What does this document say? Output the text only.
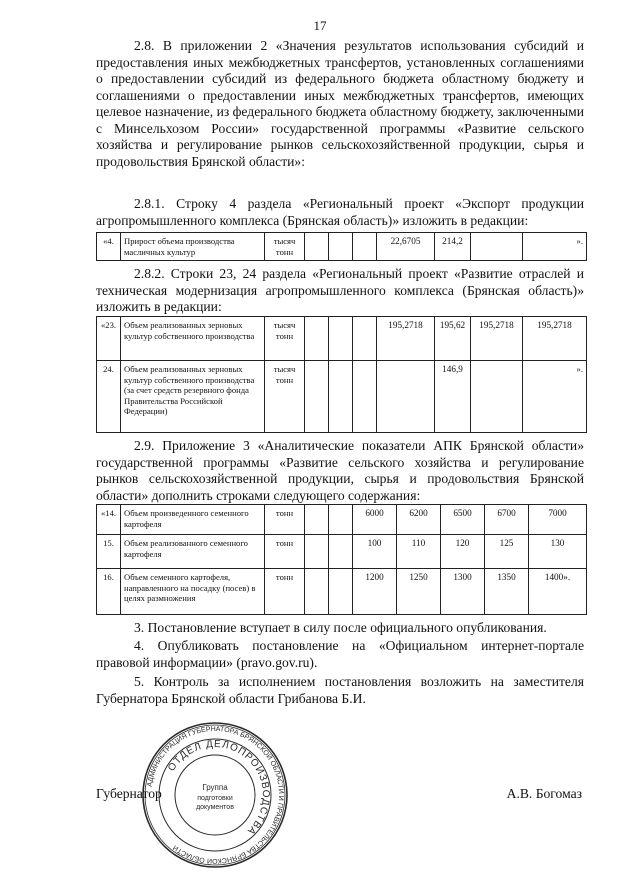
17

2.8. В приложении 2 «Значения результатов использования субсидий и предоставления иных межбюджетных трансфертов, установленных соглашениями о предоставлении субсидий из федерального бюджета областному бюджету и соглашениями о предоставлении иных межбюджетных трансфертов, имеющих целевое назначение, из федерального бюджета областному бюджету, заключенными с Минсельхозом России» государственной программы «Развитие сельского хозяйства и регулирование рынков сельскохозяйственной продукции, сырья и продовольствия Брянской области»:

2.8.1. Строку 4 раздела «Региональный проект «Экспорт продукции агропромышленного комплекса (Брянская область)» изложить в редакции:

«4.	Прирост объема производства масличных культур	тысяч тонн				22,6705	214,2		».

2.8.2. Строки 23, 24 раздела «Региональный проект «Развитие отраслей и техническая модернизация агропромышленного комплекса (Брянская область)» изложить в редакции:

«23.	Объем реализованных зерновых культур собственного производства	тысяч тонн				195,2718	195,62	195,2718	195,2718
24.	Объем реализованных зерновых культур собственного производства (за счет средств резервного фонда Правительства Российской Федерации)	тысяч тонн					146,9		».

2.9. Приложение 3 «Аналитические показатели АПК Брянской области» государственной программы «Развитие сельского хозяйства и регулирование рынков сельскохозяйственной продукции, сырья и продовольствия Брянской области» дополнить строками следующего содержания:

«14.	Объем произведенного семенного картофеля	тонн			6000	6200	6500	6700	7000
15.	Объем реализованного семенного картофеля	тонн			100	110	120	125	130
16.	Объем семенного картофеля, направленного на посадку (посев) в целях размножения	тонн			1200	1250	1300	1350	1400».

3. Постановление вступает в силу после официального опубликования.

4. Опубликовать постановление на «Официальном интернет-портале правовой информации» (pravo.gov.ru).

5. Контроль за исполнением постановления возложить на заместителя Губернатора Брянской области Грибанова Б.И.

АДМИНИСТРАЦИЯ ГУБЕРНАТОРА БРЯНСКОЙ ОБЛАСТИ И ПРАВИТЕЛЬСТВА БРЯНСКОЙ ОБЛАСТИ
ОТДЕЛ ДЕЛОПРОИЗВОДСТВА
Группа
подготовки
документов
Губернатор	А.В. Богомаз
